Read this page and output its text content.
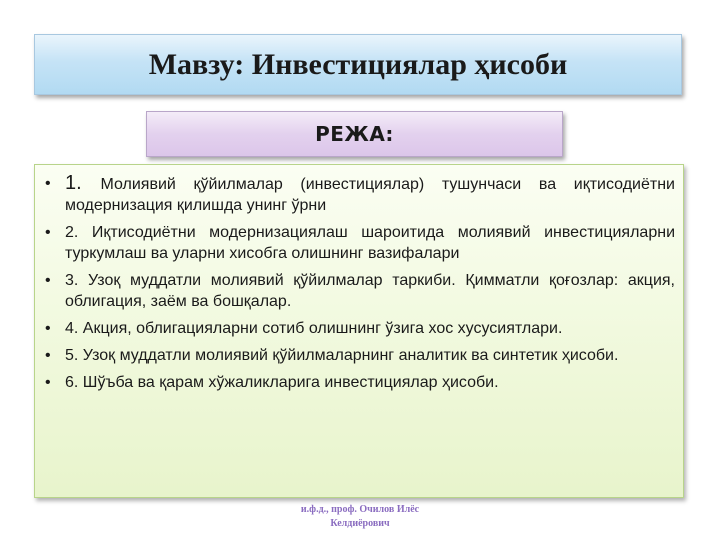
Мавзу: Инвестициялар ҳисоби
РЕЖА:
• 1. Молиявий қўйилмалар (инвестициялар) тушунчаси ва иқтисодиётни модернизация қилишда унинг ўрни
• 2. Иқтисодиётни модернизациялаш шароитида молиявий инвестицияларни туркумлаш ва уларни хисобга олишнинг вазифалари
• 3. Узоқ муддатли молиявий қўйилмалар таркиби. Қимматли қоғозлар: акция, облигация, заём ва бошқалар.
• 4. Акция, облигацияларни сотиб олишнинг ўзига хос хусусиятлари.
• 5. Узоқ муддатли молиявий қўйилмаларнинг аналитик ва синтетик ҳисоби.
• 6. Шўъба ва қарам хўжаликларига инвестициялар ҳисоби.
и.ф.д., проф. Очилов Илёс
Келдиёрович
